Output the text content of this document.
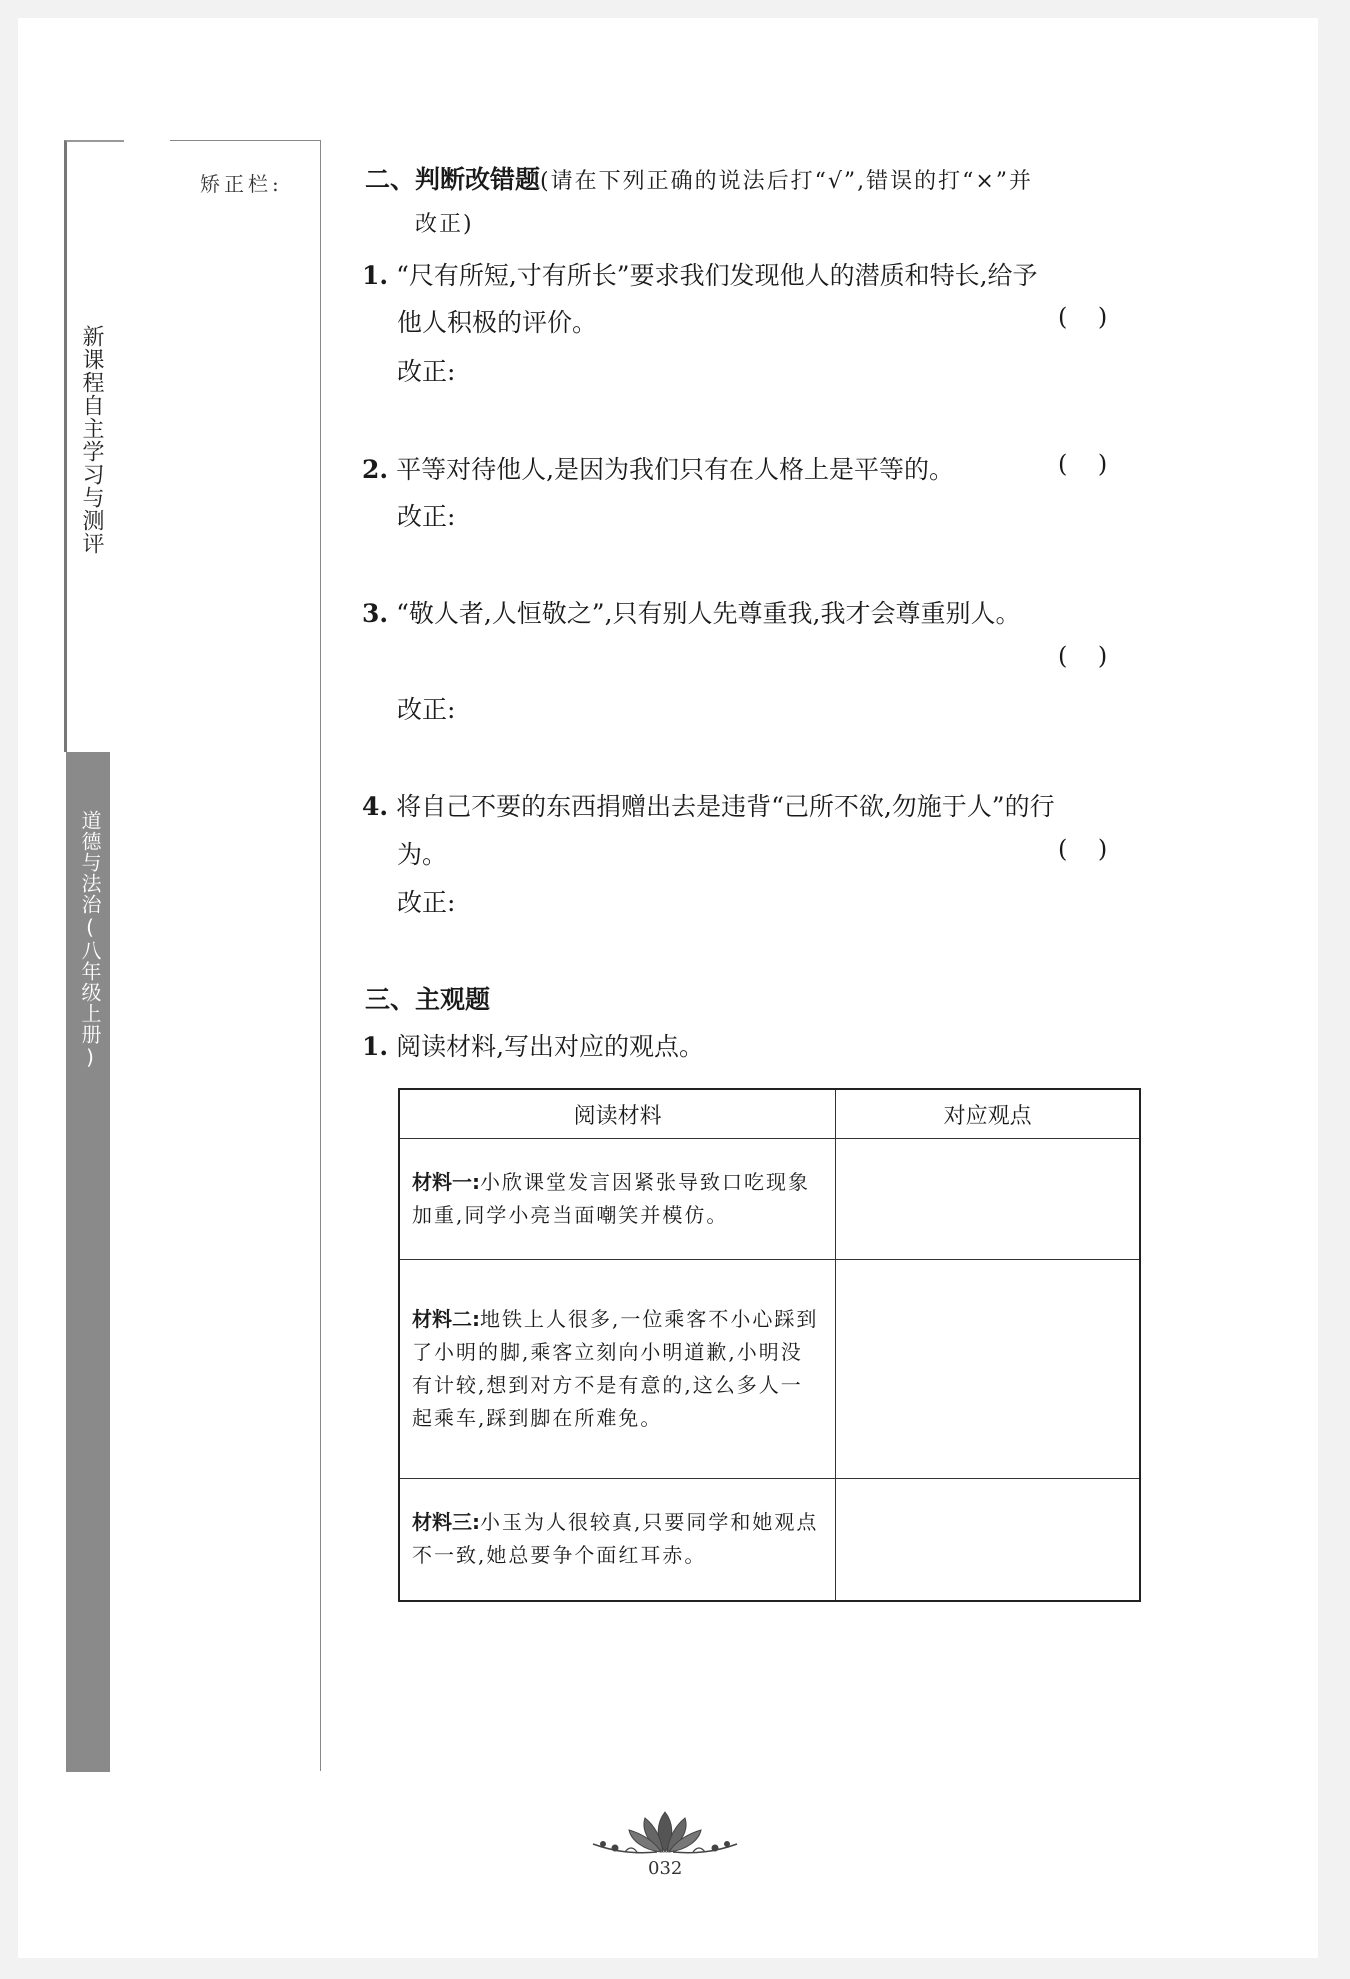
新课程自主学习与测评
道德与法治(八年级上册)
矫正栏:	二、判断改错题(请在下列正确的说法后打“√”,错误的打“×”并
改正)
1. “尺有所短,寸有所长”要求我们发现他人的潜质和特长,给予
他人积极的评价。	(    )
改正:
2. 平等对待他人,是因为我们只有在人格上是平等的。	(    )
改正:
3. “敬人者,人恒敬之”,只有别人先尊重我,我才会尊重别人。
(    )
改正:
4. 将自己不要的东西捐赠出去是违背“己所不欲,勿施于人”的行
为。	(    )
改正:
三、主观题
1. 阅读材料,写出对应的观点。
阅读材料	对应观点
材料一:小欣课堂发言因紧张导致口吃现象加重,同学小亮当面嘲笑并模仿。	
材料二:地铁上人很多,一位乘客不小心踩到了小明的脚,乘客立刻向小明道歉,小明没有计较,想到对方不是有意的,这么多人一起乘车,踩到脚在所难免。	
材料三:小玉为人很较真,只要同学和她观点不一致,她总要争个面红耳赤。	
032
